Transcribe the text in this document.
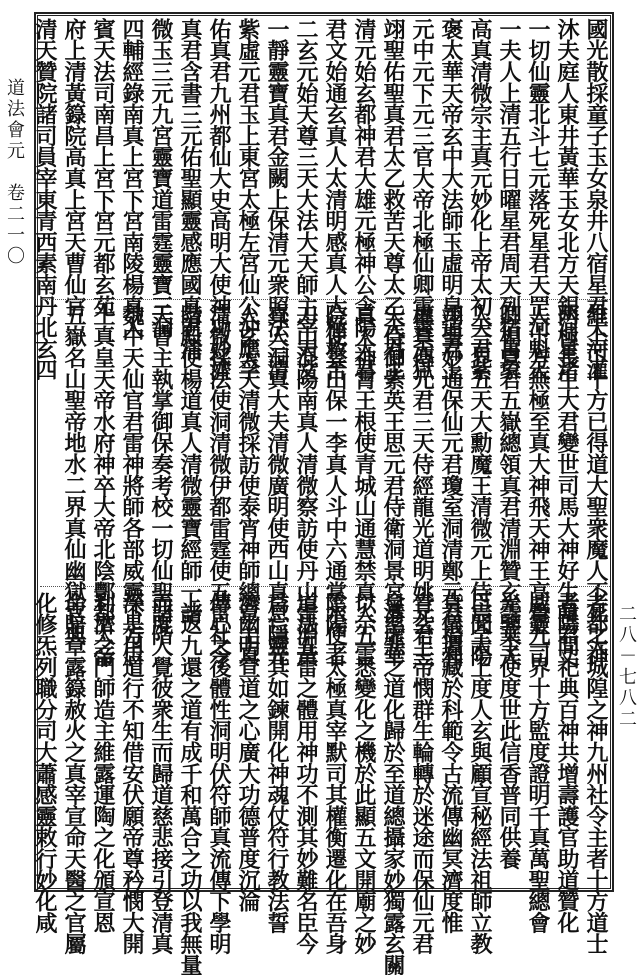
道法會元　卷二一〇
二八－七八二
國光散採童子玉女泉井八宿星君天河灌
沐夫庭人東井黃華玉女北方天銀河星渚
一切仙靈北斗七元落死星君天罡河魁天
一夫人上清五行日曜星君周天列宿萬象
高真清微宗主真元妙化上帝太初天君紫
褒太華天帝玄中大法師玉虛明皇道君上
元中元下元三官大帝北極仙卿雷霆天獄
翊聖佑聖真君太乙救苦天尊太乙天君主
清元始玄都神君大雄元極神公含陽大君
君文始通玄真人太清明感真人大極救苦
二玄元始天尊三天大法大天師主宰天文
一靜靈寶真君金闕上保清元衆照法三清
紫虛元君玉上東宮太極左宮仙公沖應孚
佑真君九州都仙大史高明大使神功妙濟
真君含書三元佑聖顯靈感應國真君清
微玉三元九宮靈寶道雷霆靈寶三洞
四輔經錄南真上宮下宮南陵楊真人
賓天法司南昌上宮下宮元都玄苑
府上清黃籙院高真上宮天曹仙官
清天贊院諸司員宰東青西素南丹北玄四
維上下十方已得道大聖衆魔人不死之神
两極長生大君變世司馬大神好生韓君丈
人十方無極至真大神飛天神王高覽九司
卿相真君五嶽總領真君清淵贊玄雲華夫
人三界五天大勳魔王清微元上侍宸全陽
翊聖妙通保仙元君瓊室洞清鄭元君福利
權真傳元君三天侍經龍光道明姚元君三
天侍御紫英王思元君侍衛洞景宮清虛華
真人神霄王根使青城山通慧禁真人五雷
院使雲山保一李真人斗中六通掌水使者
刀山混陽南真人清微察訪使丹山雷淵黃
真人洞真大夫清微廣明使西山真息隱元
人玄大天清微採訪使泰宵神師總章上真
清微採法使洞清微伊都雷霆使五雷社令
階殿使楊道真人清微靈寶經師一諸
天曹主執掌御保奏考校一切仙聖諸階
魏中天仙官君雷神將師各部威靈下方后
土真皇天帝水府神卒大帝北陰酆都大帝
五嶽名山聖帝地水二界真仙幽獄官典
者都大城隍之神九州社令主者十方道士
者陽間祀典百神共增壽護官助道贊化
威靈一界十方監度證明千真萬聖總會
光鑒令使度世此信香普同供養
臣聞太上度人玄與顧宣秘經法祖師立教
真儀遺藏於科範令古流傳幽冥濟度惟
青玄上帝憫群生輪轉於迷途而保仙元君
會慈悲之道化歸於至道總攝家妙獨露玄關
以示一悉變化之機於此顯五文開廟之妙
陰陽一太極真宰默司其權衡遷化在吾身
道法五雷之體用神功不測其妙難名臣今
爲亡靈其如鍊開化神魂仗符行教法誓
濟幽明宣道之心廣大功德普度沉淪
傳心之後體性洞明伏符師真流傳下學明
上返九還之道有成千和萬合之功以我無量
而度人覺彼衆生而歸道慈悲接引登清真
深是用道行不知借安伏願帝尊矜憫大開
利濟之門師造主維露運陶之化頒宣恩
命賠章露籙赦火之真宰宣命天醫之官屬
化修炁列職分司大蕭感靈敕行妙化咸
